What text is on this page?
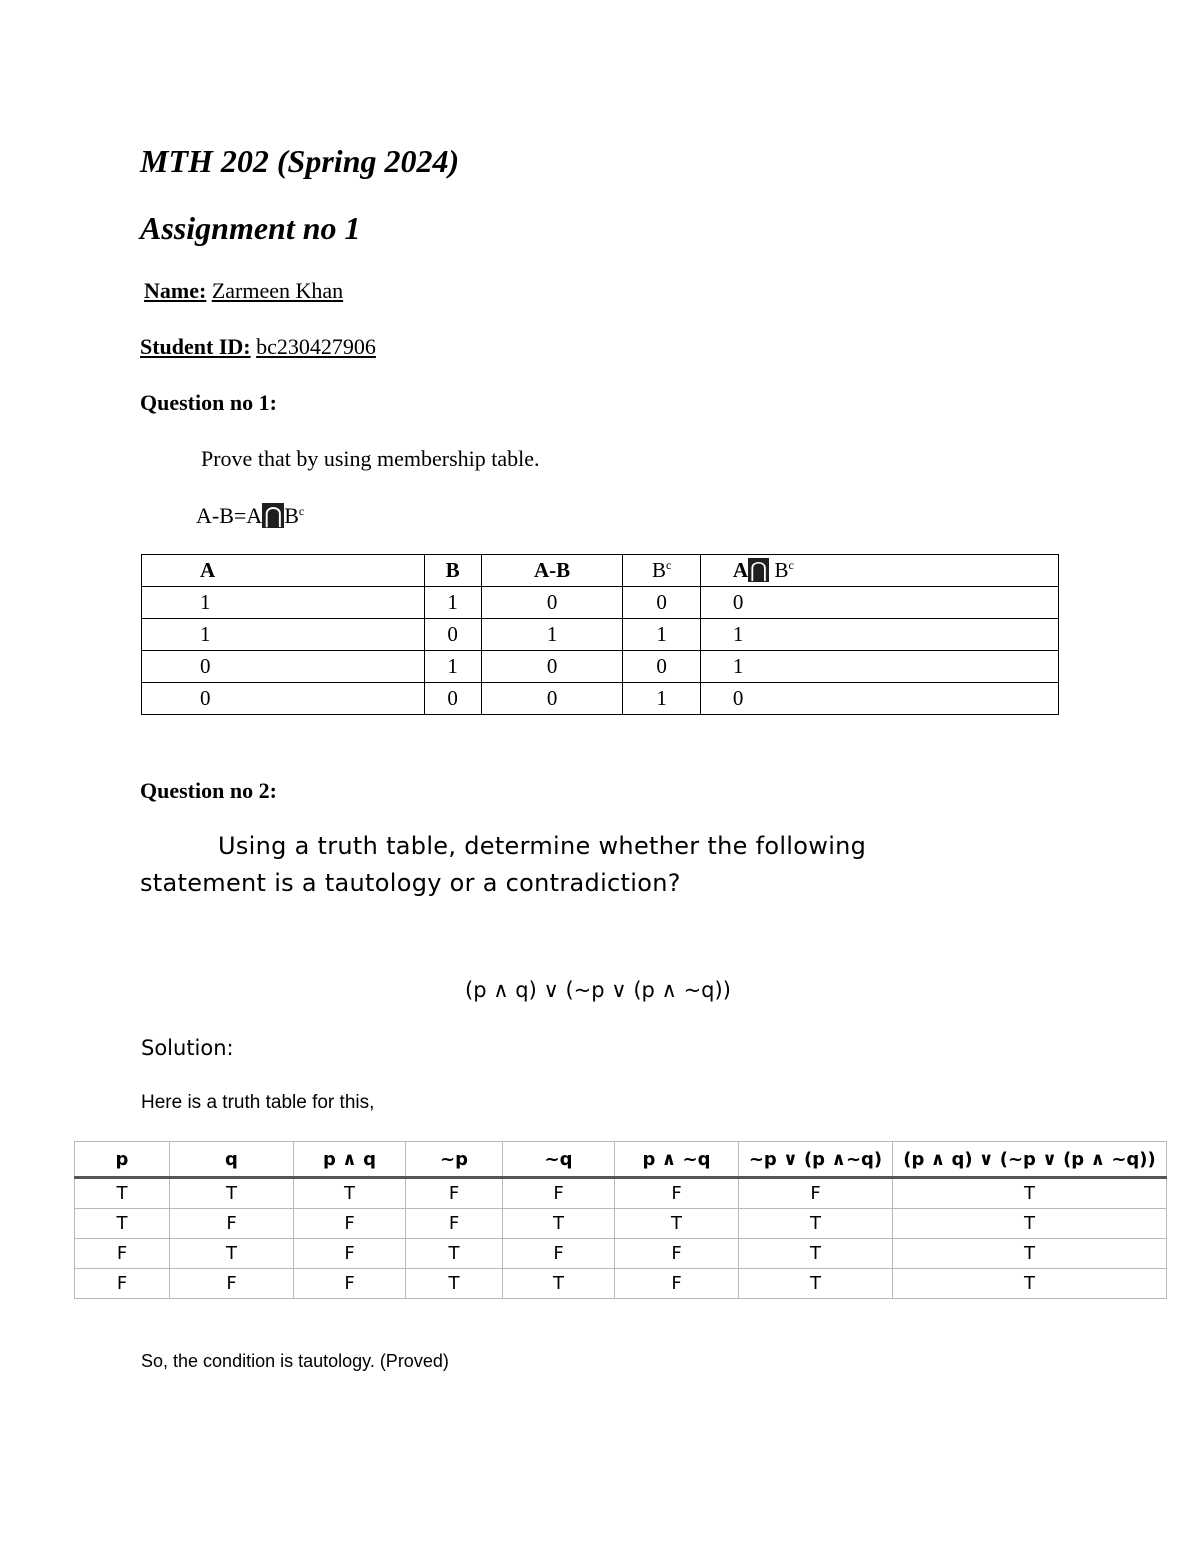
MTH 202 (Spring 2024)

Assignment no 1

Name: Zarmeen Khan

Student ID: bc230427906

Question no 1:

Prove that by using membership table.

$A-B=A⋂B^c$

A	B	A-B	$B^c$	A⋂ $B^c$
1	1	0	0	0
1	0	1	1	1
0	1	0	0	1
0	0	0	1	0

Question no 2:

Using a truth table, determine whether the following statement is a tautology or a contradiction?

(p ∧ q) ∨ (~p ∨ (p ∧ ~q))

Solution:

Here is a truth table for this,

p	q	p ∧ q	~p	~q	p ∧ ~q	~p ∨ (p ∧~q)	(p ∧ q) ∨ (~p ∨ (p ∧ ~q))
T	T	T	F	F	F	F	T
T	F	F	F	T	T	T	T
F	T	F	T	F	F	T	T
F	F	F	T	T	F	T	T

So, the condition is tautology. (Proved)
